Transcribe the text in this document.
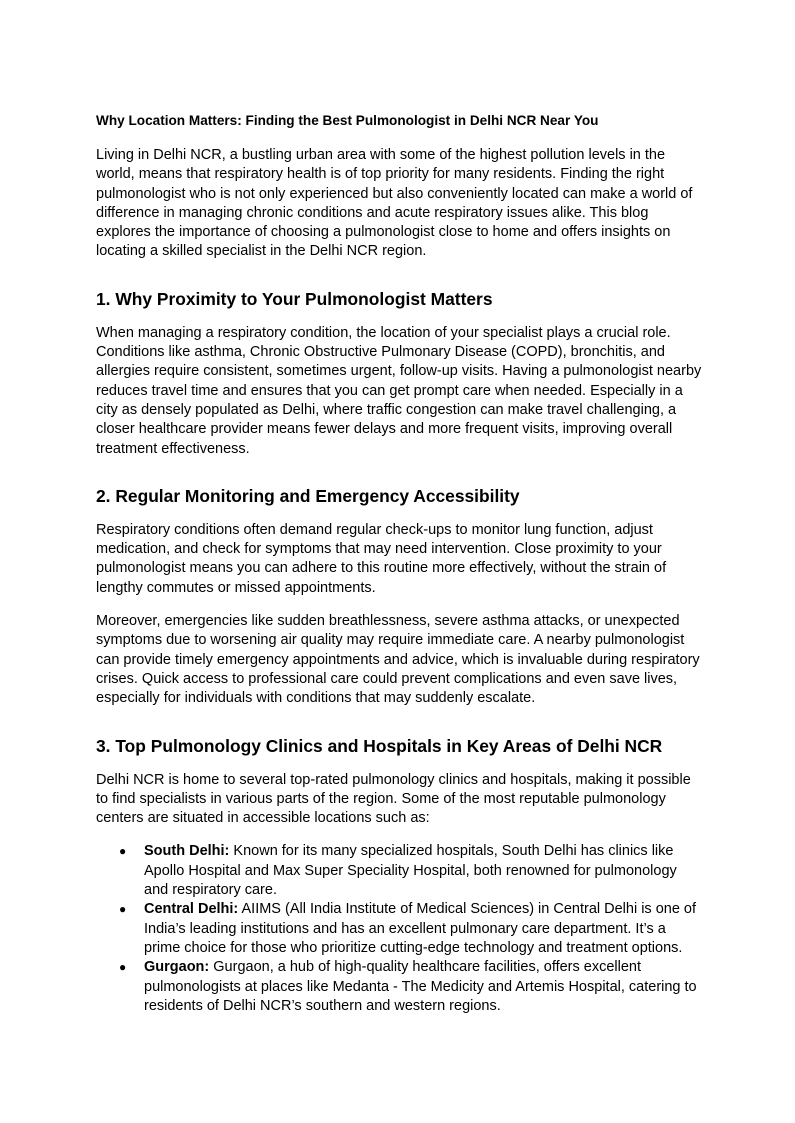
Why Location Matters: Finding the Best Pulmonologist in Delhi NCR Near You

Living in Delhi NCR, a bustling urban area with some of the highest pollution levels in the world, means that respiratory health is of top priority for many residents. Finding the right pulmonologist who is not only experienced but also conveniently located can make a world of difference in managing chronic conditions and acute respiratory issues alike. This blog explores the importance of choosing a pulmonologist close to home and offers insights on locating a skilled specialist in the Delhi NCR region.

1. Why Proximity to Your Pulmonologist Matters

When managing a respiratory condition, the location of your specialist plays a crucial role. Conditions like asthma, Chronic Obstructive Pulmonary Disease (COPD), bronchitis, and allergies require consistent, sometimes urgent, follow-up visits. Having a pulmonologist nearby reduces travel time and ensures that you can get prompt care when needed. Especially in a city as densely populated as Delhi, where traffic congestion can make travel challenging, a closer healthcare provider means fewer delays and more frequent visits, improving overall treatment effectiveness.

2. Regular Monitoring and Emergency Accessibility

Respiratory conditions often demand regular check-ups to monitor lung function, adjust medication, and check for symptoms that may need intervention. Close proximity to your pulmonologist means you can adhere to this routine more effectively, without the strain of lengthy commutes or missed appointments.

Moreover, emergencies like sudden breathlessness, severe asthma attacks, or unexpected symptoms due to worsening air quality may require immediate care. A nearby pulmonologist can provide timely emergency appointments and advice, which is invaluable during respiratory crises. Quick access to professional care could prevent complications and even save lives, especially for individuals with conditions that may suddenly escalate.

3. Top Pulmonology Clinics and Hospitals in Key Areas of Delhi NCR

Delhi NCR is home to several top-rated pulmonology clinics and hospitals, making it possible to find specialists in various parts of the region. Some of the most reputable pulmonology centers are situated in accessible locations such as:

● South Delhi: Known for its many specialized hospitals, South Delhi has clinics like Apollo Hospital and Max Super Speciality Hospital, both renowned for pulmonology and respiratory care.
● Central Delhi: AIIMS (All India Institute of Medical Sciences) in Central Delhi is one of India’s leading institutions and has an excellent pulmonary care department. It’s a prime choice for those who prioritize cutting-edge technology and treatment options.
● Gurgaon: Gurgaon, a hub of high-quality healthcare facilities, offers excellent pulmonologists at places like Medanta - The Medicity and Artemis Hospital, catering to residents of Delhi NCR’s southern and western regions.
